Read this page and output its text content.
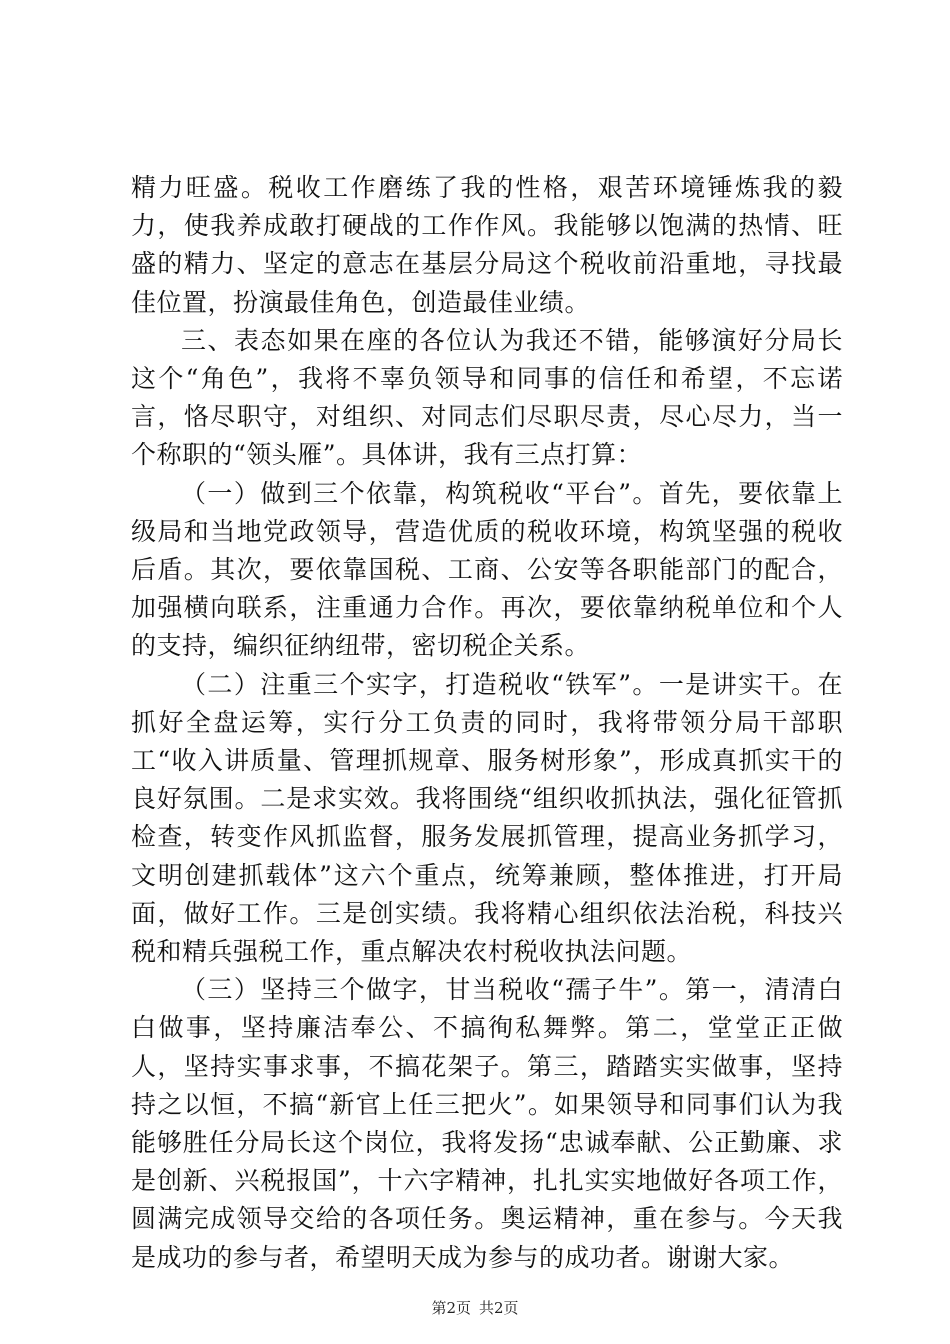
精力旺盛。税收工作磨练了我的性格，艰苦环境锤炼我的毅力，使我养成敢打硬战的工作作风。我能够以饱满的热情、旺盛的精力、坚定的意志在基层分局这个税收前沿重地，寻找最佳位置，扮演最佳角色，创造最佳业绩。

三、表态如果在座的各位认为我还不错，能够演好分局长这个“角色”，我将不辜负领导和同事的信任和希望，不忘诺言，恪尽职守，对组织、对同志们尽职尽责，尽心尽力，当一个称职的“领头雁”。具体讲，我有三点打算：

（一）做到三个依靠，构筑税收“平台”。首先，要依靠上级局和当地党政领导，营造优质的税收环境，构筑坚强的税收后盾。其次，要依靠国税、工商、公安等各职能部门的配合，加强横向联系，注重通力合作。再次，要依靠纳税单位和个人的支持，编织征纳纽带，密切税企关系。

（二）注重三个实字，打造税收“铁军”。一是讲实干。在抓好全盘运筹，实行分工负责的同时，我将带领分局干部职工“收入讲质量、管理抓规章、服务树形象”，形成真抓实干的良好氛围。二是求实效。我将围绕“组织收抓执法，强化征管抓检查，转变作风抓监督，服务发展抓管理，提高业务抓学习，文明创建抓载体”这六个重点，统筹兼顾，整体推进，打开局面，做好工作。三是创实绩。我将精心组织依法治税，科技兴税和精兵强税工作，重点解决农村税收执法问题。

（三）坚持三个做字，甘当税收“孺子牛”。第一，清清白白做事，坚持廉洁奉公、不搞徇私舞弊。第二，堂堂正正做人，坚持实事求事，不搞花架子。第三，踏踏实实做事，坚持持之以恒，不搞“新官上任三把火”。如果领导和同事们认为我能够胜任分局长这个岗位，我将发扬“忠诚奉献、公正勤廉、求是创新、兴税报国”，十六字精神，扎扎实实地做好各项工作，圆满完成领导交给的各项任务。奥运精神，重在参与。今天我是成功的参与者，希望明天成为参与的成功者。谢谢大家。

第2页 共2页
